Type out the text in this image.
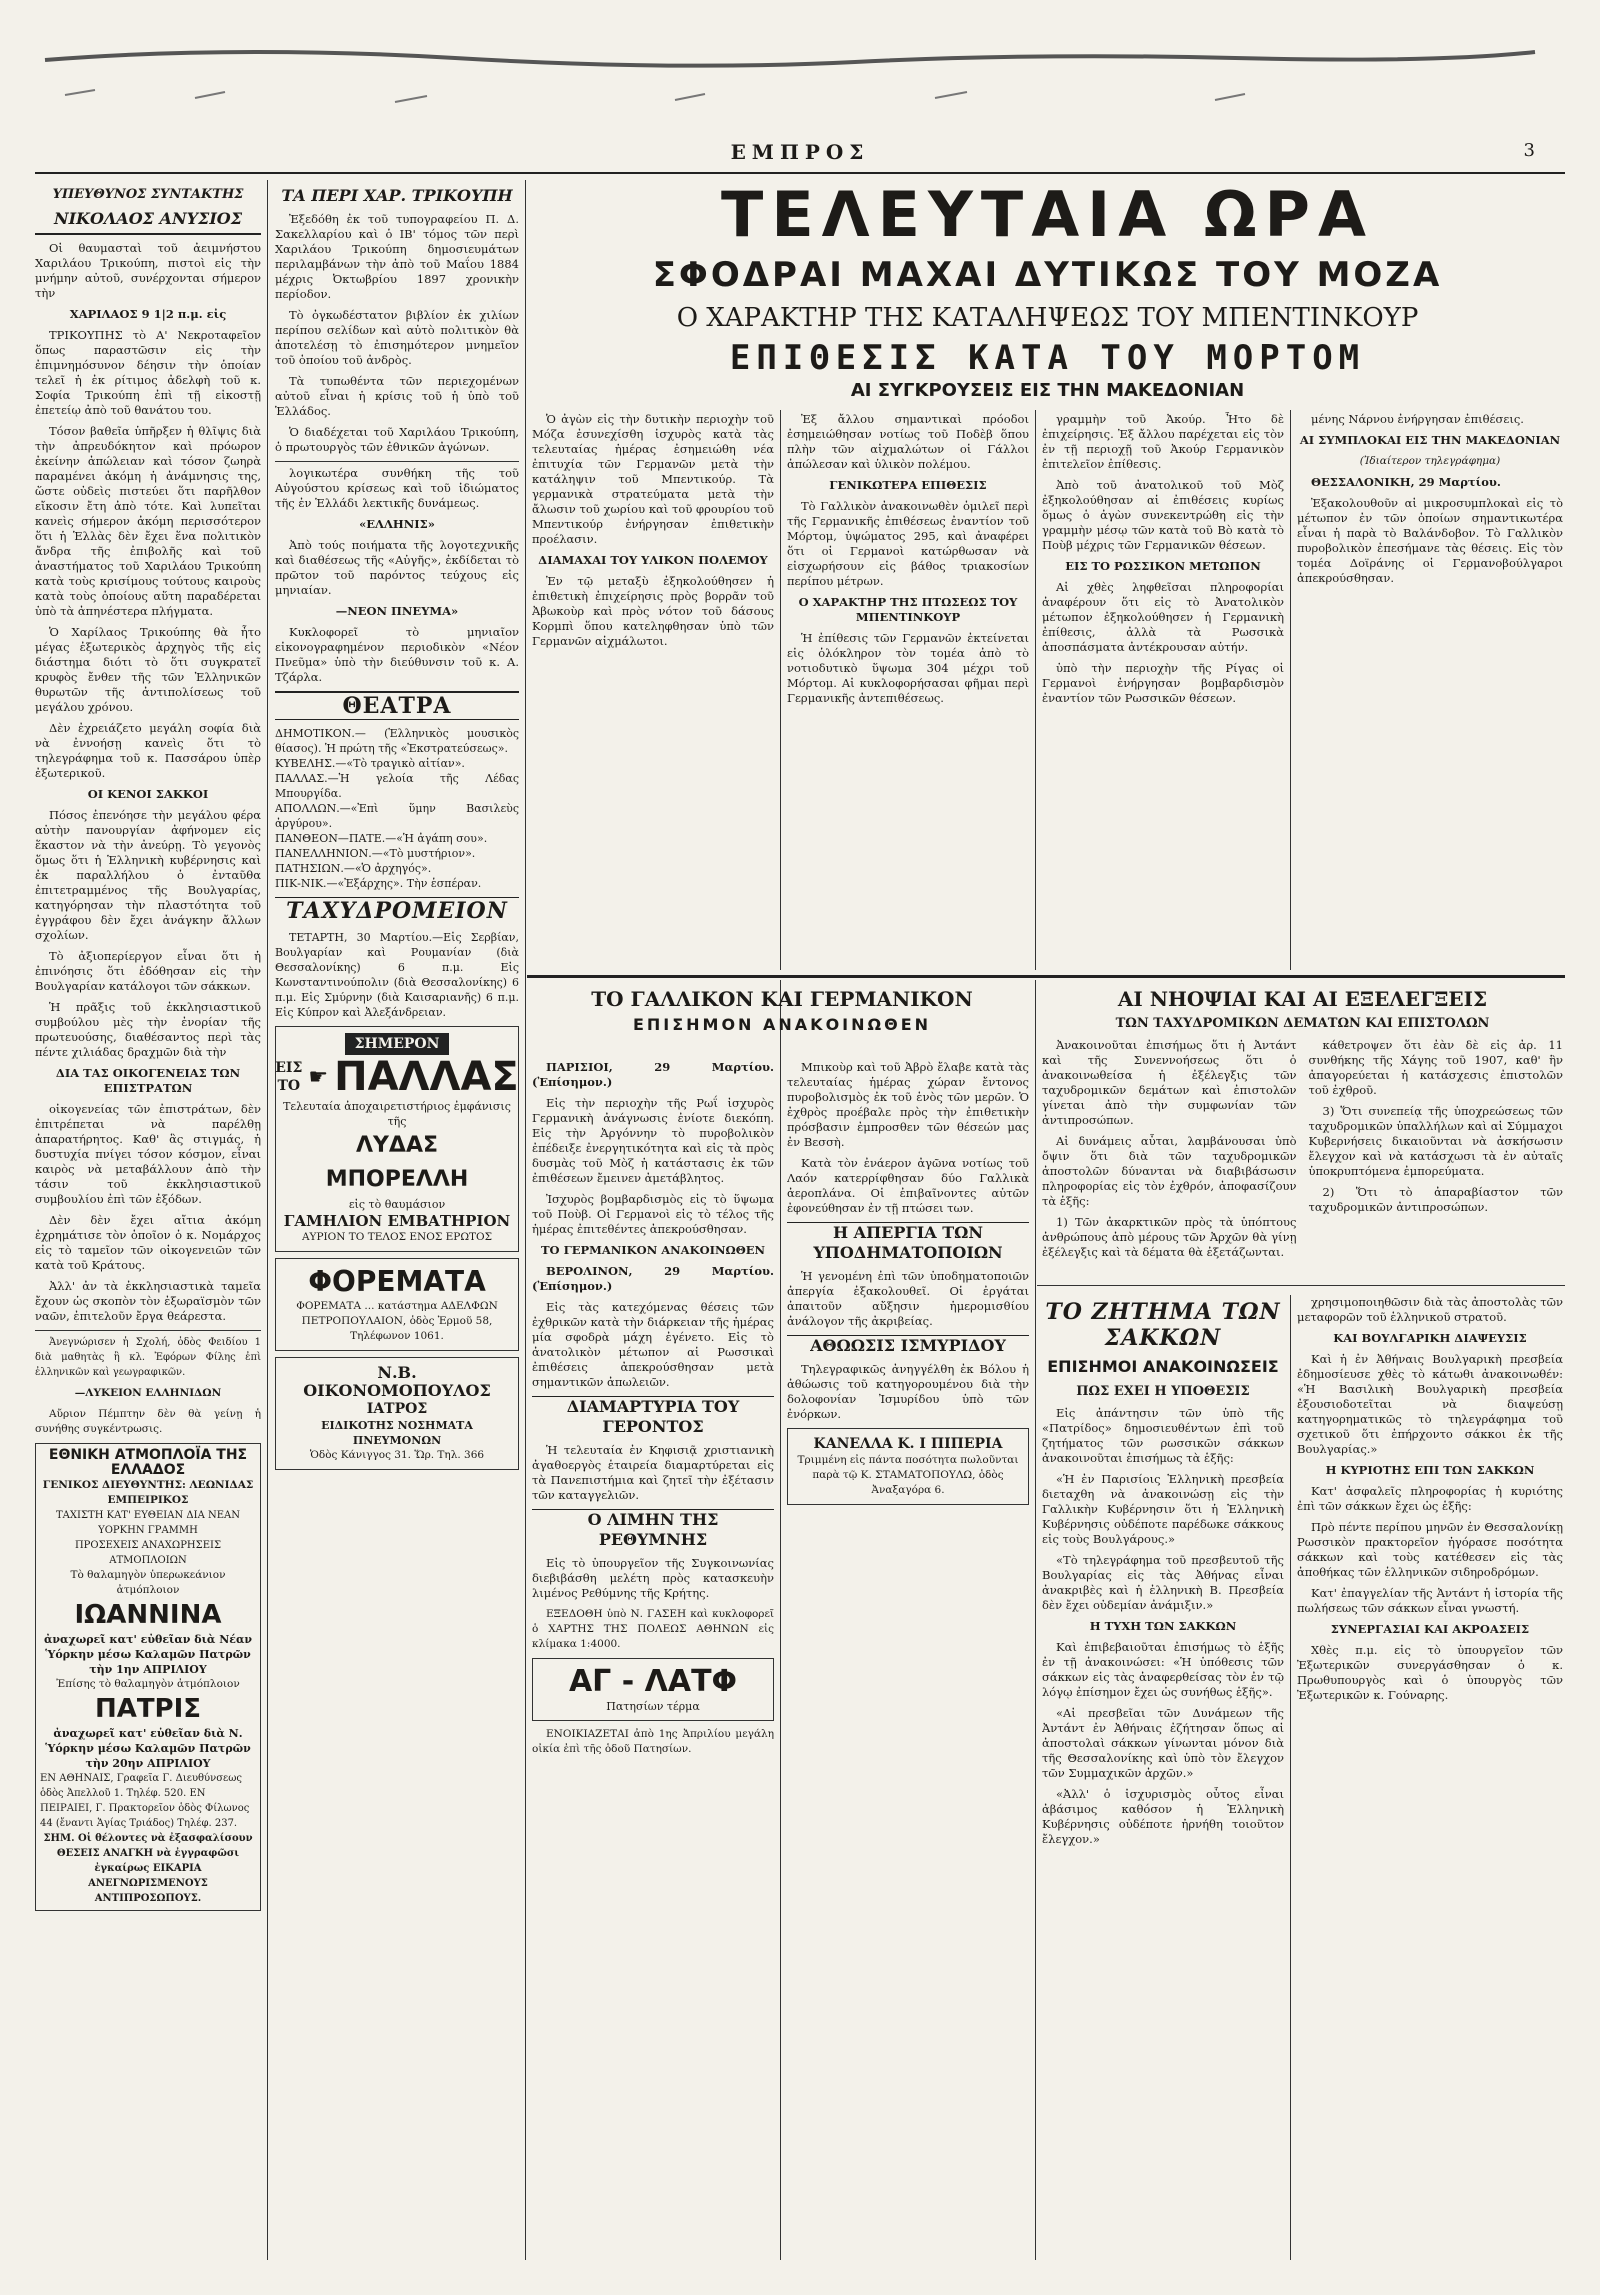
ΕΜΠΡΟΣ	3
ΥΠΕΥΘΥΝΟΣ ΣΥΝΤΑΚΤΗΣ
ΝΙΚΟΛΑΟΣ ΑΝΥΣΙΟΣ

Οἱ θαυμασταὶ τοῦ ἀειμνήστου Χαριλάου Τρικούπη, πιστοὶ εἰς τὴν μνήμην αὐτοῦ, συνέρχονται σήμερον τὴν

ΧΑΡΙΛΑΟΣ 9 1|2 π.μ. εἰς

ΤΡΙΚΟΥΠΗΣ τὸ Α' Νεκροταφεῖον ὅπως παραστῶσιν εἰς τὴν ἐπιμνημόσυνον δέησιν τὴν ὁποίαν τελεῖ ἡ ἐκ ρίτιμος ἀδελφὴ τοῦ κ. Σοφία Τρικούπη ἐπὶ τῇ εἰκοστῇ ἐπετείῳ ἀπὸ τοῦ θανάτου του.

Τόσον βαθεῖα ὑπῆρξεν ἡ θλῖψις διὰ τὴν ἀπρευδόκητον καὶ πρόωρον ἐκείνην ἀπώλειαν καὶ τόσον ζωηρὰ παραμένει ἀκόμη ἡ ἀνάμνησις της, ὥστε οὐδεὶς πιστεύει ὅτι παρῆλθον εἴκοσιν ἔτη ἀπὸ τότε. Καὶ λυπεῖται κανεὶς σήμερον ἀκόμη περισσότερον ὅτι ἡ Ἑλλὰς δὲν ἔχει ἕνα πολιτικὸν ἄνδρα τῆς ἐπιβολῆς καὶ τοῦ ἀναστήματος τοῦ Χαριλάου Τρικούπη κατὰ τοὺς κρισίμους τούτους καιροὺς κατὰ τοὺς ὁποίους αὕτη παραδέρεται ὑπὸ τὰ ἀπηνέστερα πλήγματα.

Ὁ Χαρίλαος Τρικούπης θὰ ἦτο μέγας ἐξωτερικὸς ἀρχηγὸς τῆς εἰς διάστημα διότι τὸ ὅτι συγκρατεῖ κρυφὸς ἔνθεν τῆς τῶν Ἑλληνικῶν θυρωτῶν τῆς ἀντιπολίσεως τοῦ μεγάλου χρόνου.

Δὲν ἐχρειάζετο μεγάλη σοφία διὰ νὰ ἐννοήσῃ κανεὶς ὅτι τὸ τηλεγράφημα τοῦ κ. Πασσάρου ὑπὲρ ἐξωτερικοῦ.

ΟΙ ΚΕΝΟΙ ΣΑΚΚΟΙ

Πόσος ἐπενόησε τὴν μεγάλου φέρα αὐτὴν πανουργίαν ἀφήνομεν εἰς ἕκαστον νὰ τὴν ἀνεύρῃ. Τὸ γεγονὸς ὅμως ὅτι ἡ Ἑλληνικὴ κυβέρνησις καὶ ἐκ παραλλήλου ὁ ἐνταῦθα ἐπιτετραμμένος τῆς Βουλγαρίας, κατηγόρησαν τὴν πλαστότητα τοῦ ἐγγράφου δὲν ἔχει ἀνάγκην ἄλλων σχολίων.

Τὸ ἀξιοπερίεργον εἶναι ὅτι ἡ ἐπινόησις ὅτι ἐδόθησαν εἰς τὴν Βουλγαρίαν κατάλογοι τῶν σάκκων.

Ἡ πρᾶξις τοῦ ἐκκλησιαστικοῦ συμβούλου μὲς τὴν ἐνορίαν τῆς πρωτευούσης, διαθέσαντος περὶ τὰς πέντε χιλιάδας δραχμῶν διὰ τὴν

ΔΙΑ ΤΑΣ ΟΙΚΟΓΕΝΕΙΑΣ ΤΩΝ ΕΠΙΣΤΡΑΤΩΝ

οἰκογενείας τῶν ἐπιστράτων, δὲν ἐπιτρέπεται νὰ παρέλθῃ ἀπαρατήρητος. Καθ' ἃς στιγμάς, ἡ δυστυχία πνίγει τόσον κόσμον, εἶναι καιρὸς νὰ μεταβάλλουν ἀπὸ τὴν τάσιν τοῦ ἐκκλησιαστικοῦ συμβουλίου ἐπὶ τῶν ἐξόδων.

Δὲν δὲν ἔχει αἴτια ἀκόμη ἐχρημάτισε τὸν ὁποῖον ὁ κ. Νομάρχος εἰς τὸ ταμεῖον τῶν οἰκογενειῶν τῶν κατὰ τοῦ Κράτους.

Ἀλλ' ἀν τὰ ἐκκλησιαστικὰ ταμεῖα ἔχουν ὡς σκοπὸν τὸν ἐξωραϊσμὸν τῶν ναῶν, ἐπιτελοῦν ἔργα θεάρεστα.

Ἀνεγνώρισεν ἡ Σχολή, ὁδὸς Φειδίου 1 διὰ μαθητὰς ἢ κλ. Ἐφόρων Φίλης ἐπὶ ἐλληνικῶν καὶ γεωγραφικῶν.

—ΛΥΚΕΙΟΝ ΕΛΛΗΝΙΔΩΝ

Αὔριον Πέμπτην δὲν θὰ γείνῃ ἡ συνήθης συγκέντρωσις.

ΕΘΝΙΚΗ ΑΤΜΟΠΛΟΪΑ ΤΗΣ ΕΛΛΑΔΟΣ
ΓΕΝΙΚΟΣ ΔΙΕΥΘΥΝΤΗΣ: ΛΕΩΝΙΔΑΣ ΕΜΠΕΙΡΙΚΟΣ
ΤΑΧΙΣΤΗ ΚΑΤ' ΕΥΘΕΙΑΝ ΔΙΑ ΝΕΑΝ ΥΟΡΚΗΝ ΓΡΑΜΜΗ
ΠΡΟΣΕΧΕΙΣ ΑΝΑΧΩΡΗΣΕΙΣ ΑΤΜΟΠΛΟΙΩΝ
Τὸ θαλαμηγὸν ὑπερωκεάνιον ἀτμόπλοιον
ΙΩΑΝΝΙΝΑ
ἀναχωρεῖ κατ' εὐθεῖαν διὰ Νέαν Ὑόρκην μέσω Καλαμῶν Πατρῶν τὴν 1ην ΑΠΡΙΛΙΟΥ
Ἐπίσης τὸ θαλαμηγὸν ἀτμόπλοιον
ΠΑΤΡΙΣ
ἀναχωρεῖ κατ' εὐθεῖαν διὰ Ν. Ὑόρκην μέσω Καλαμῶν Πατρῶν τὴν 20ην ΑΠΡΙΛΙΟΥ
ΕΝ ΑΘΗΝΑΙΣ, Γραφεῖα Γ. Διευθύνσεως ὁδὸς Ἀπελλοῦ 1. Τηλέφ. 520. ΕΝ ΠΕΙΡΑΙΕΙ, Γ. Πρακτορεῖον ὁδὸς Φίλωνος 44 (ἔναντι Ἁγίας Τριάδος) Τηλέφ. 237.
ΣΗΜ. Οἱ θέλοντες νὰ ἐξασφαλίσουν ΘΕΣΕΙΣ ΑΝΑΓΚΗ νὰ ἐγγραφῶσι ἐγκαίρως ΕΙΚΑΡΙΑ ΑΝΕΓΝΩΡΙΣΜΕΝΟΥΣ ΑΝΤΙΠΡΟΣΩΠΟΥΣ.
ΤΑ ΠΕΡΙ ΧΑΡ. ΤΡΙΚΟΥΠΗ

Ἐξεδόθη ἐκ τοῦ τυπογραφείου Π. Δ. Σακελλαρίου καὶ ὁ ΙΒ' τόμος τῶν περὶ Χαριλάου Τρικούπη δημοσιευμάτων περιλαμβάνων τὴν ἀπὸ τοῦ Μαΐου 1884 μέχρις Ὀκτωβρίου 1897 χρονικὴν περίοδον.

Τὸ ὀγκωδέστατον βιβλίον ἐκ χιλίων περίπου σελίδων καὶ αὐτὸ πολιτικὸν θὰ ἀποτελέσῃ τὸ ἐπισημότερον μνημεῖον τοῦ ὁποίου τοῦ ἀνδρὸς.

Τὰ τυπωθέντα τῶν περιεχομένων αὐτοῦ εἶναι ἡ κρίσις τοῦ ἡ ὑπὸ τοῦ Ἑλλάδος.

Ὁ διαδέχεται τοῦ Χαριλάου Τρικούπη, ὁ πρωτουργὸς τῶν ἐθνικῶν ἀγώνων.

λογικωτέρα συνθήκη τῆς τοῦ Αὐγούστου κρίσεως καὶ τοῦ ἰδιώματος τῆς ἐν Ἑλλάδι λεκτικῆς δυνάμεως.

«ΕΛΛΗΝΙΣ»

Ἀπὸ τούς ποιήματα τῆς λογοτεχνικῆς καὶ διαθέσεως τῆς «Αὐγῆς», ἐκδίδεται τὸ πρῶτον τοῦ παρόντος τεύχους εἰς μηνιαίαν.

—ΝΕΟΝ ΠΝΕΥΜΑ»

Κυκλοφορεῖ τὸ μηνιαῖον εἰκονογραφημένον περιοδικὸν «Νέον Πνεῦμα» ὑπὸ τὴν διεύθυνσιν τοῦ κ. Α. Τζάρλα.

ΘΕΑΤΡΑ

ΔΗΜΟΤΙΚΟΝ.— (Ἑλληνικὸς μουσικὸς θίασος). Ἡ πρώτη τῆς «Ἐκστρατεύσεως».
ΚΥΒΕΛΗΣ.—«Τὸ τραγικὸ αἰτίαν».
ΠΑΛΛΑΣ.—Ἡ γελοία τῆς Λέδας Μπουργίδα.
ΑΠΟΛΛΩΝ.—«Ἐπὶ ὕμην Βασιλεὺς ἀργύρου».
ΠΑΝΘΕΟΝ—ΠΑΤΕ.—«Ἡ ἀγάπη σου».
ΠΑΝΕΛΛΗΝΙΟΝ.—«Τὸ μυστήριον».
ΠΑΤΗΣΙΩΝ.—«Ὁ ἀρχηγός».
ΠΙΚ-ΝΙΚ.—«Ἐξάρχης». Τὴν ἑσπέραν.

ΤΑΧΥΔΡΟΜΕΙΟΝ

ΤΕΤΑΡΤΗ, 30 Μαρτίου.—Εἰς Σερβίαν, Βουλγαρίαν καὶ Ρουμανίαν (διὰ Θεσσαλονίκης) 6 π.μ. Εἰς Κωνσταντινούπολιν (διὰ Θεσσαλονίκης) 6 π.μ. Εἰς Σμύρνην (διὰ Καισαριανῆς) 6 π.μ. Εἰς Κύπρον καὶ Ἀλεξάνδρειαν.

ΣΗΜΕΡΟΝ
ΕΙΣ ΤΟ ☛ ΠΑΛΛΑΣ
Τελευταία ἀποχαιρετιστήριος ἐμφάνισις τῆς
ΛΥΔΑΣ ΜΠΟΡΕΛΛΗ
εἰς τὸ θαυμάσιον
ΓΑΜΗΛΙΟΝ ΕΜΒΑΤΗΡΙΟΝ
ΑΥΡΙΟΝ ΤΟ ΤΕΛΟΣ ΕΝΟΣ ΕΡΩΤΟΣ
ΦΟΡΕΜΑΤΑ
ΦΟΡΕΜΑΤΑ ... κατάστημα ΑΔΕΛΦΩΝ ΠΕΤΡΟΠΟΥΛΑΙΟΝ, ὁδὸς Ἑρμοῦ 58, Τηλέφωνον 1061.
Ν.Β. ΟΙΚΟΝΟΜΟΠΟΥΛΟΣ
ΙΑΤΡΟΣ
ΕΙΔΙΚΟΤΗΣ ΝΟΣΗΜΑΤΑ ΠΝΕΥΜΟΝΩΝ
Ὁδὸς Κάνιγγος 31. Ὥρ. Τηλ. 366
ΤΕΛΕΥΤΑΙΑ ΩΡΑ
ΣΦΟΔΡΑΙ ΜΑΧΑΙ ΔΥΤΙΚΩΣ ΤΟΥ ΜΟΖΑ
Ο ΧΑΡΑΚΤΗΡ ΤΗΣ ΚΑΤΑΛΗΨΕΩΣ ΤΟΥ ΜΠΕΝΤΙΝΚΟΥΡ
ΕΠΙΘΕΣΙΣ ΚΑΤΑ ΤΟΥ ΜΟΡΤΟΜ
ΑΙ ΣΥΓΚΡΟΥΣΕΙΣ ΕΙΣ ΤΗΝ ΜΑΚΕΔΟΝΙΑΝ

Ὁ ἀγὼν εἰς τὴν δυτικὴν περιοχὴν τοῦ Μόζα ἐσυνεχίσθη ἰσχυρὸς κατὰ τὰς τελευταίας ἡμέρας ἐσημειώθη νέα ἐπιτυχία τῶν Γερμανῶν μετὰ τὴν κατάληψιν τοῦ Μπεντικούρ. Τὰ γερμανικὰ στρατεύματα μετὰ τὴν ἄλωσιν τοῦ χωρίου καὶ τοῦ φρουρίου τοῦ Μπεντικούρ ἐνήργησαν ἐπιθετικὴν προέλασιν.

ΔΙΑΜΑΧΑΙ ΤΟΥ ΥΛΙΚΟΝ ΠΟΛΕΜΟΥ

Ἐν τῷ μεταξὺ ἐξηκολούθησεν ἡ ἐπιθετικὴ ἐπιχείρησις πρὸς βορρᾶν τοῦ Ἀβωκοὺρ καὶ πρὸς νότον τοῦ δάσους Κορμπὶ ὅπου κατεληφθησαν ὑπὸ τῶν Γερμανῶν αἰχμάλωτοι.

Ἐξ ἄλλου σημαντικαὶ πρόοδοι ἐσημειώθησαν νοτίως τοῦ Ποδὲβ ὅπου πλὴν τῶν αἰχμαλώτων οἱ Γάλλοι ἀπώλεσαν καὶ ὑλικὸν πολέμου.

ΓΕΝΙΚΩΤΕΡΑ ΕΠΙΘΕΣΙΣ

Τὸ Γαλλικὸν ἀνακοινωθὲν ὁμιλεῖ περὶ τῆς Γερμανικῆς ἐπιθέσεως ἐναντίον τοῦ Μόρτομ, ὑψώματος 295, καὶ ἀναφέρει ὅτι οἱ Γερμανοὶ κατώρθωσαν νὰ εἰσχωρήσουν εἰς βάθος τριακοσίων περίπου μέτρων.

Ο ΧΑΡΑΚΤΗΡ ΤΗΣ ΠΤΩΣΕΩΣ ΤΟΥ ΜΠΕΝΤΙΝΚΟΥΡ

Ἡ ἐπίθεσις τῶν Γερμανῶν ἐκτείνεται εἰς ὁλόκληρον τὸν τομέα ἀπὸ τὸ νοτιοδυτικὸ ὕψωμα 304 μέχρι τοῦ Μόρτομ. Αἱ κυκλοφορήσασαι φῆμαι περὶ Γερμανικῆς ἀντεπιθέσεως.

γραμμὴν τοῦ Ἀκούρ. Ἦτο δὲ ἐπιχείρησις. Ἐξ ἄλλου παρέχεται εἰς τὸν ἐν τῇ περιοχῇ τοῦ Ἀκούρ Γερμανικὸν ἐπιτελεῖον ἐπίθεσις.

Ἀπὸ τοῦ ἀνατολικοῦ τοῦ Μὸζ ἐξηκολούθησαν αἱ ἐπιθέσεις κυρίως ὅμως ὁ ἀγὼν συνεκεντρώθη εἰς τὴν γραμμὴν μέσῳ τῶν κατὰ τοῦ Βὸ κατὰ τὸ Ποὺβ μέχρις τῶν Γερμανικῶν θέσεων.

ΕΙΣ ΤΟ ΡΩΣΣΙΚΟΝ ΜΕΤΩΠΟΝ

Αἱ χθὲς ληφθεῖσαι πληροφορίαι ἀναφέρουν ὅτι εἰς τὸ Ἀνατολικὸν μέτωπον ἐξηκολούθησεν ἡ Γερμανικὴ ἐπίθεσις, ἀλλὰ τὰ Ρωσσικὰ ἀποσπάσματα ἀντέκρουσαν αὐτήν.

ὑπὸ τὴν περιοχὴν τῆς Ρίγας οἱ Γερμανοὶ ἐνήργησαν βομβαρδισμὸν ἐναντίον τῶν Ρωσσικῶν θέσεων.

μένης Νάρνου ἐνήργησαν ἐπιθέσεις.

ΑΙ ΣΥΜΠΛΟΚΑΙ ΕΙΣ ΤΗΝ ΜΑΚΕΔΟΝΙΑΝ

(Ἰδιαίτερον τηλεγράφημα)

ΘΕΣΣΑΛΟΝΙΚΗ, 29 Μαρτίου.

Ἐξακολουθοῦν αἱ μικροσυμπλοκαὶ εἰς τὸ μέτωπον ἐν τῶν ὁποίων σημαντικωτέρα εἶναι ἡ παρὰ τὸ Βαλάνδοβον. Τὸ Γαλλικὸν πυροβολικὸν ἐπεσήμανε τὰς θέσεις. Εἰς τὸν τομέα Δοϊράνης οἱ Γερμανοβούλγαροι ἀπεκρούσθησαν.

ΤΟ ΓΑΛΛΙΚΟΝ ΚΑΙ ΓΕΡΜΑΝΙΚΟΝ
ΕΠΙΣΗΜΟΝ ΑΝΑΚΟΙΝΩΘΕΝ

ΠΑΡΙΣΙΟΙ, 29 Μαρτίου. (Ἐπίσημον.)

Εἰς τὴν περιοχὴν τῆς Ρωΐ ἰσχυρὸς Γερμανικὴ ἀνάγνωσις ἐνίοτε διεκόπη. Εἰς τὴν Ἀργόννην τὸ πυροβολικὸν ἐπέδειξε ἐνεργητικότητα καὶ εἰς τὰ πρὸς δυσμὰς τοῦ Μὸζ ἡ κατάστασις ἐκ τῶν ἐπιθέσεων ἔμεινεν ἀμετάβλητος.

Ἰσχυρὸς βομβαρδισμὸς εἰς τὸ ὕψωμα τοῦ Ποὺβ. Οἱ Γερμανοὶ εἰς τὸ τέλος τῆς ἡμέρας ἐπιτεθέντες ἀπεκρούσθησαν.

ΤΟ ΓΕΡΜΑΝΙΚΟΝ ΑΝΑΚΟΙΝΩΘΕΝ

ΒΕΡΟΛΙΝΟΝ, 29 Μαρτίου. (Ἐπίσημον.)

Εἰς τὰς κατεχόμενας θέσεις τῶν ἐχθρικῶν κατὰ τὴν διάρκειαν τῆς ἡμέρας μία σφοδρὰ μάχη ἐγένετο. Εἰς τὸ ἀνατολικὸν μέτωπον αἱ Ρωσσικαὶ ἐπιθέσεις ἀπεκρούσθησαν μετὰ σημαντικῶν ἀπωλειῶν.

ΔΙΑΜΑΡΤΥΡΙΑ ΤΟΥ ΓΕΡΟΝΤΟΣ

Ἡ τελευταία ἐν Κηφισιᾷ χριστιανικὴ ἀγαθοεργὸς ἑταιρεία διαμαρτύρεται εἰς τὰ Πανεπιστήμια καὶ ζητεῖ τὴν ἐξέτασιν τῶν καταγγελιῶν.

Ο ΛΙΜΗΝ ΤΗΣ ΡΕΘΥΜΝΗΣ

Εἰς τὸ ὑπουργεῖον τῆς Συγκοινωνίας διεβιβάσθη μελέτη πρὸς κατασκευὴν λιμένος Ρεθύμνης τῆς Κρήτης.

ΕΞΕΔΟΘΗ ὑπὸ Ν. ΓΑΣΕΗ καὶ κυκλοφορεῖ ὁ ΧΑΡΤΗΣ ΤΗΣ ΠΟΛΕΩΣ ΑΘΗΝΩΝ εἰς κλίμακα 1:4000.

ΑΓ - ΛΑΤΦ
Πατησίων τέρμα

ΕΝΟΙΚΙΑΖΕΤΑΙ ἀπὸ 1ης Ἀπριλίου μεγάλη οἰκία ἐπὶ τῆς ὁδοῦ Πατησίων.

Μπικοὺρ καὶ τοῦ Ἀβρὸ ἔλαβε κατὰ τὰς τελευταίας ἡμέρας χώραν ἔντονος πυροβολισμὸς ἐκ τοῦ ἑνὸς τῶν μερῶν. Ὁ ἐχθρὸς προέβαλε πρὸς τὴν ἐπιθετικὴν πρόσβασιν ἐμπροσθεν τῶν θέσεών μας ἐν Βεσσὴ.

Κατὰ τὸν ἐνάερον ἀγῶνα νοτίως τοῦ Λαόν κατερρίφθησαν δύο Γαλλικὰ ἀεροπλάνα. Οἱ ἐπιβαῖνοντες αὐτῶν ἐφονεύθησαν ἐν τῇ πτώσει των.

Η ΑΠΕΡΓΙΑ ΤΩΝ ΥΠΟΔΗΜΑΤΟΠΟΙΩΝ

Ἡ γενομένη ἐπὶ τῶν ὑποδηματοποιῶν ἀπεργία ἐξακολουθεῖ. Οἱ ἐργάται ἀπαιτοῦν αὔξησιν ἡμερομισθίου ἀνάλογον τῆς ἀκριβείας.

ΑΘΩΩΣΙΣ ΙΣΜΥΡΙΔΟΥ

Τηλεγραφικῶς ἀνηγγέλθη ἐκ Βόλου ἡ ἀθώωσις τοῦ κατηγορουμένου διὰ τὴν δολοφονίαν Ἰσμυρίδου ὑπὸ τῶν ἐνόρκων.

ΚΑΝΕΛΛΑ Κ. Ι ΠΙΠΕΡΙΑ
Τριμμένη εἰς πάντα ποσότητα πωλοῦνται παρὰ τῷ Κ. ΣΤΑΜΑΤΟΠΟΥΛΩ, ὁδὸς Ἀναξαγόρα 6.
ΑΙ ΝΗΟΨΙΑΙ ΚΑΙ ΑΙ ΕΞΕΛΕΓΞΕΙΣ
ΤΩΝ ΤΑΧΥΔΡΟΜΙΚΩΝ ΔΕΜΑΤΩΝ ΚΑΙ ΕΠΙΣΤΟΛΩΝ

Ἀνακοινοῦται ἐπισήμως ὅτι ἡ Ἀντάντ καὶ τῆς Συνεννοήσεως ὅτι ὁ ἀνακοινωθείσα ἡ ἐξέλεγξις τῶν ταχυδρομικῶν δεμάτων καὶ ἐπιστολῶν γίνεται ἀπὸ τὴν συμφωνίαν τῶν ἀντιπροσώπων.

Αἱ δυνάμεις αὗται, λαμβάνουσαι ὑπὸ ὄψιν ὅτι διὰ τῶν ταχυδρομικῶν ἀποστολῶν δύνανται νὰ διαβιβάσωσιν πληροφορίας εἰς τὸν ἐχθρόν, ἀποφασίζουν τὰ ἑξῆς:

1) Τῶν ἀκαρκτικῶν πρὸς τὰ ὑπόπτους ἀνθρώπους ἀπὸ μέρους τῶν Ἀρχῶν θὰ γίνῃ ἐξέλεγξις καὶ τὰ δέματα θὰ ἐξετάζωνται.

κάθετροψεν ὅτι ἐὰν δὲ εἰς ἀρ. 11 συνθήκης τῆς Χάγης τοῦ 1907, καθ' ἣν ἀπαγορεύεται ἡ κατάσχεσις ἐπιστολῶν τοῦ ἐχθροῦ.

3) Ὅτι συνεπείᾳ τῆς ὑποχρεώσεως τῶν ταχυδρομικῶν ὑπαλλήλων καὶ αἱ Σύμμαχοι Κυβερνήσεις δικαιοῦνται νὰ ἀσκήσωσιν ἔλεγχον καὶ νὰ κατάσχωσι τὰ ἐν αὐταῖς ὑποκρυπτόμενα ἐμπορεύματα.

2) Ὅτι τὸ ἀπαραβίαστον τῶν ταχυδρομικῶν ἀντιπροσώπων.

ΤΟ ΖΗΤΗΜΑ ΤΩΝ ΣΑΚΚΩΝ
ΕΠΙΣΗΜΟΙ ΑΝΑΚΟΙΝΩΣΕΙΣ
ΠΩΣ ΕΧΕΙ Η ΥΠΟΘΕΣΙΣ

Εἰς ἀπάντησιν τῶν ὑπὸ τῆς «Πατρίδος» δημοσιευθέντων ἐπὶ τοῦ ζητήματος τῶν ρωσσικῶν σάκκων ἀνακοινοῦται ἐπισήμως τὰ ἑξῆς:

«Ἡ ἐν Παρισίοις Ἑλληνικὴ πρεσβεία διεταχθη νὰ ἀνακοινώσῃ εἰς τὴν Γαλλικὴν Κυβέρνησιν ὅτι ἡ Ἑλληνικὴ Κυβέρνησις οὐδέποτε παρέδωκε σάκκους εἰς τοὺς Βουλγάρους.»

«Τὸ τηλεγράφημα τοῦ πρεσβευτοῦ τῆς Βουλγαρίας εἰς τὰς Ἀθήνας εἶναι ἀνακριβὲς καὶ ἡ ἐλληνικὴ Β. Πρεσβεία δὲν ἔχει οὐδεμίαν ἀνάμιξιν.»

Η ΤΥΧΗ ΤΩΝ ΣΑΚΚΩΝ

Καὶ ἐπιβεβαιοῦται ἐπισήμως τὸ ἑξῆς ἐν τῇ ἀνακοινώσει: «Ἡ ὑπόθεσις τῶν σάκκων εἰς τὰς ἀναφερθείσας τὸν ἐν τῷ λόγῳ ἐπίσημον ἔχει ὡς συνήθως ἑξῆς».

«Αἱ πρεσβεῖαι τῶν Δυνάμεων τῆς Ἀντάντ ἐν Ἀθήναις ἐζήτησαν ὅπως αἱ ἀποστολαὶ σάκκων γίνωνται μόνον διὰ τῆς Θεσσαλονίκης καὶ ὑπὸ τὸν ἔλεγχον τῶν Συμμαχικῶν ἀρχῶν.»

«Ἀλλ' ὁ ἰσχυρισμὸς οὗτος εἶναι ἀβάσιμος καθόσον ἡ Ἑλληνικὴ Κυβέρνησις οὐδέποτε ἠρνήθη τοιοῦτον ἔλεγχον.»

χρησιμοποιηθῶσιν διὰ τὰς ἀποστολὰς τῶν μεταφορῶν τοῦ ἑλληνικοῦ στρατοῦ.

ΚΑΙ ΒΟΥΛΓΑΡΙΚΗ ΔΙΑΨΕΥΣΙΣ

Καὶ ἡ ἐν Ἀθήναις Βουλγαρικὴ πρεσβεία ἐδημοσίευσε χθὲς τὸ κάτωθι ἀνακοινωθέν: «Ἡ Βασιλικὴ Βουλγαρικὴ πρεσβεία ἐξουσιοδοτεῖται νὰ διαψεύσῃ κατηγορηματικῶς τὸ τηλεγράφημα τοῦ σχετικοῦ ὅτι ἐπήρχοντο σάκκοι ἐκ τῆς Βουλγαρίας.»

Η ΚΥΡΙΟΤΗΣ ΕΠΙ ΤΩΝ ΣΑΚΚΩΝ

Κατ' ἀσφαλεῖς πληροφορίας ἡ κυριότης ἐπὶ τῶν σάκκων ἔχει ὡς ἑξῆς:

Πρὸ πέντε περίπου μηνῶν ἐν Θεσσαλονίκῃ Ρωσσικὸν πρακτορεῖον ἠγόρασε ποσότητα σάκκων καὶ τοὺς κατέθεσεν εἰς τὰς ἀποθήκας τῶν ἑλληνικῶν σιδηροδρόμων.

Κατ' ἐπαγγελίαν τῆς Ἀντάντ ἡ ἱστορία τῆς πωλήσεως τῶν σάκκων εἶναι γνωστή.

ΣΥΝΕΡΓΑΣΙΑΙ ΚΑΙ ΑΚΡΟΑΣΕΙΣ

Χθὲς π.μ. εἰς τὸ ὑπουργεῖον τῶν Ἐξωτερικῶν συνεργάσθησαν ὁ κ. Πρωθυπουργὸς καὶ ὁ ὑπουργὸς τῶν Ἐξωτερικῶν κ. Γούναρης.
